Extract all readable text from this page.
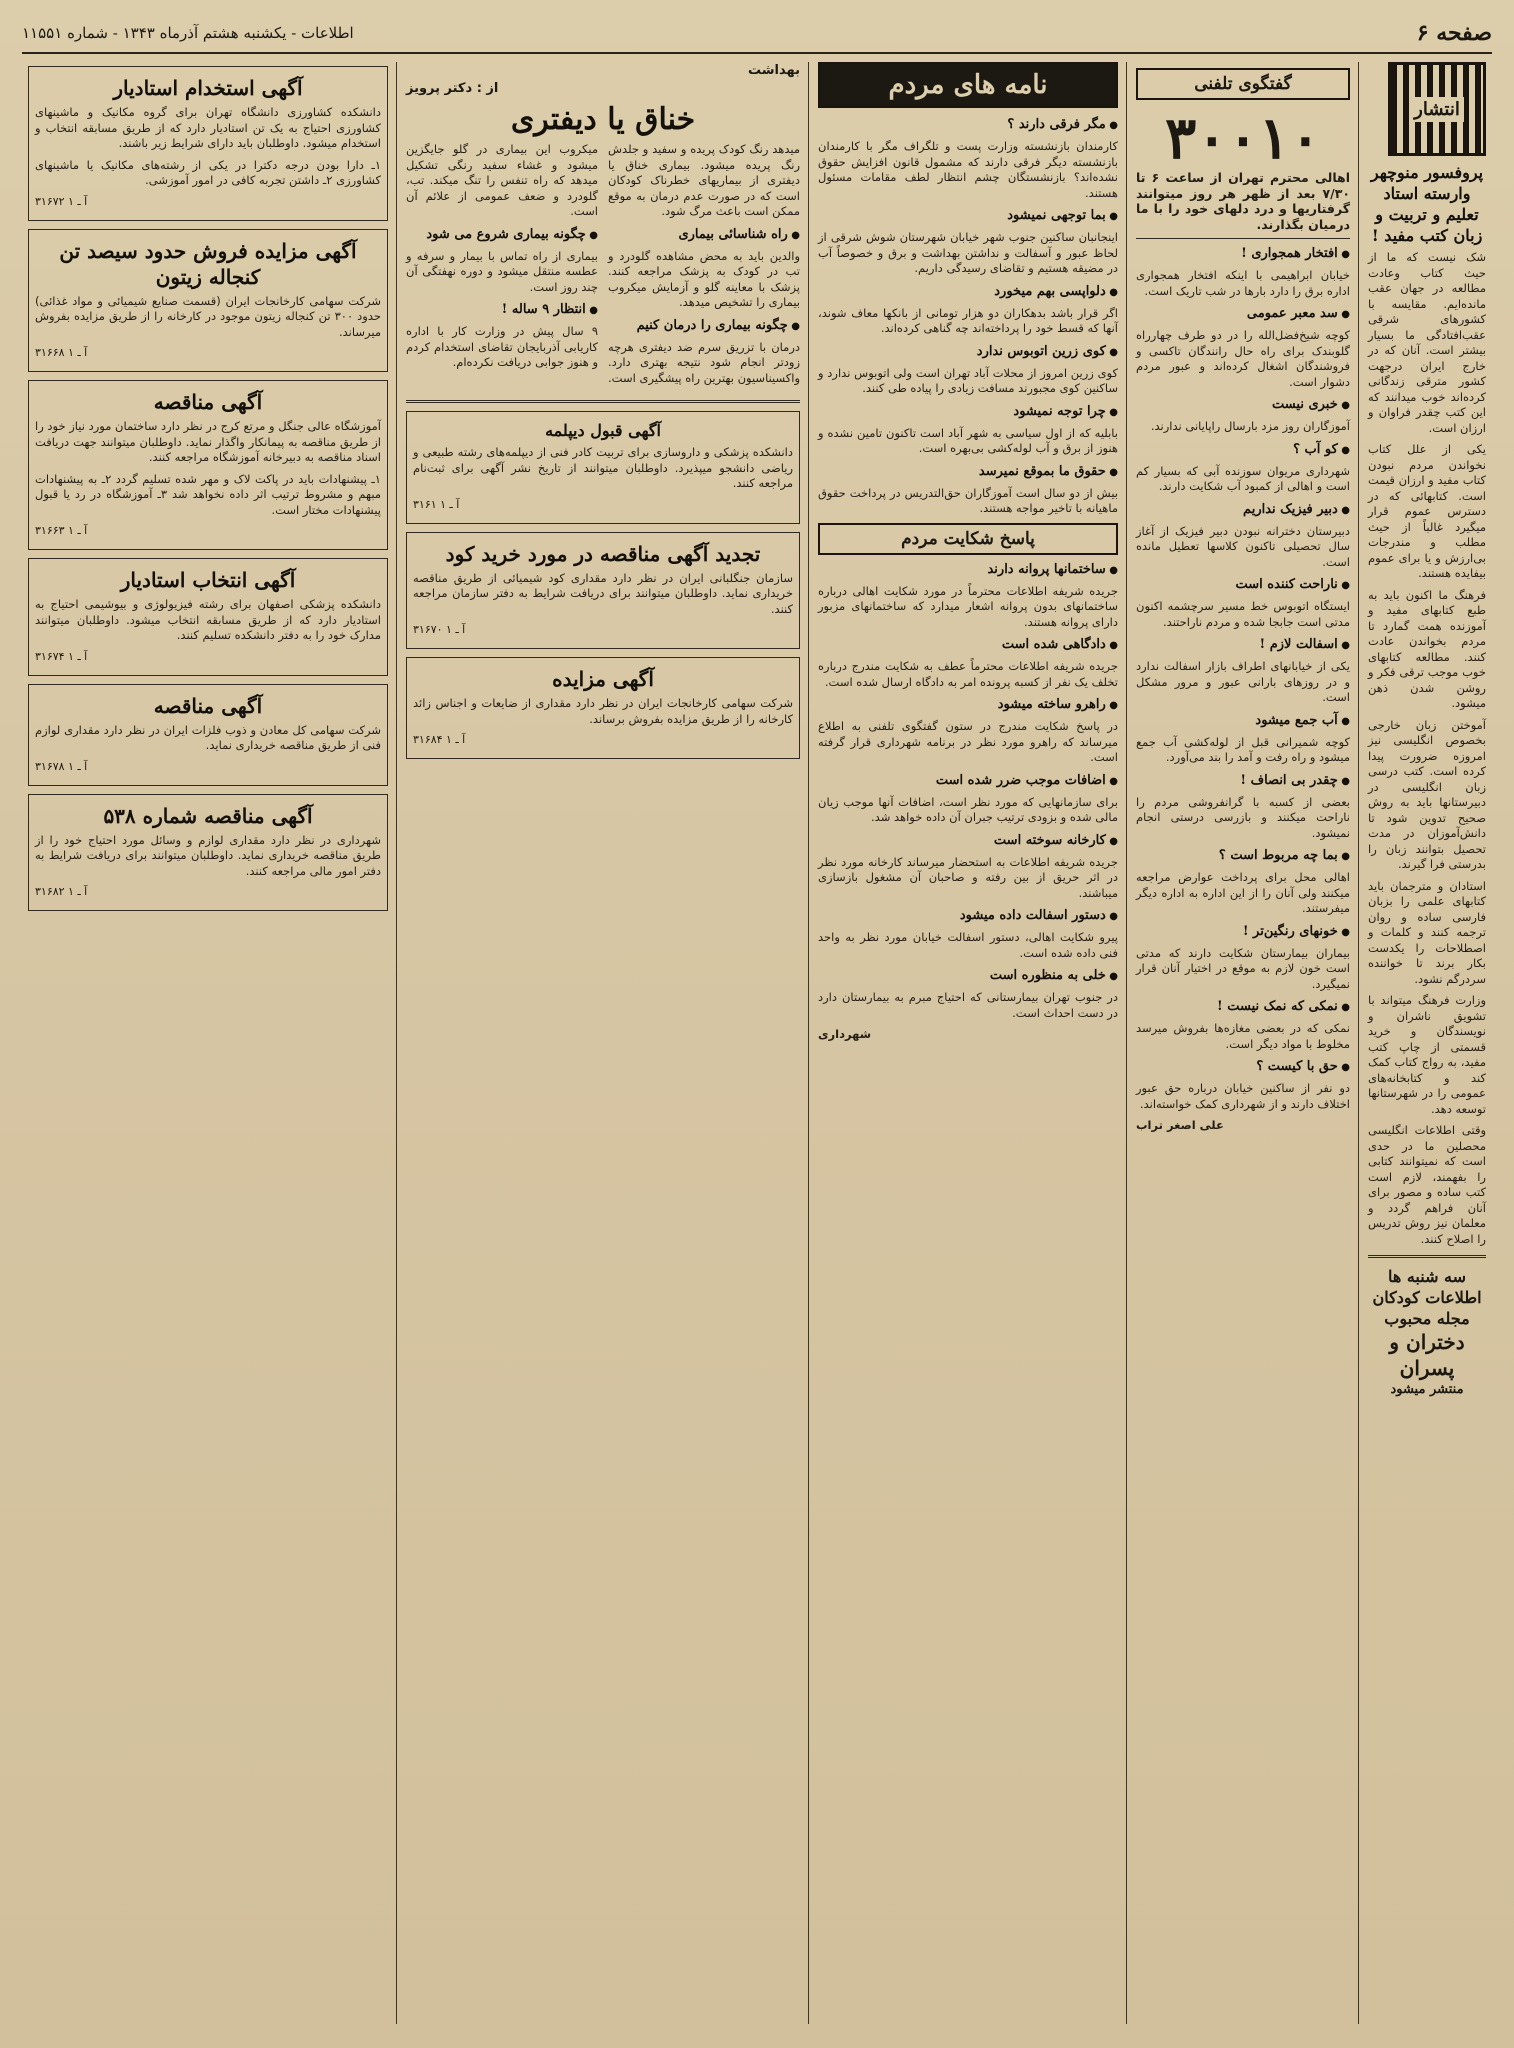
صفحه ۶
اطلاعات - یکشنبه هشتم آذرماه ۱۳۴۳ - شماره ۱۱۵۵۱
انتشار
پروفسور منوچهر وارسته استاد تعلیم و تربیت و زبان کتب مفید !

شک نیست که ما از حیث کتاب وعادت مطالعه در جهان عقب مانده‌ایم. مقایسه با کشورهای شرقی عقب‌افتادگی ما بسیار بیشتر است. آنان که در خارج ایران درجهت کشور مترقی زندگانی کرده‌اند خوب میدانند که این کتب چقدر فراوان و ارزان است.

یکی از علل کتاب نخواندن مردم نبودن کتاب مفید و ارزان قیمت است. کتابهائی که در دسترس عموم قرار میگیرد غالباً از حیث مطلب و مندرجات بی‌ارزش و یا برای عموم بیفایده هستند.

فرهنگ ما اکنون باید به طبع کتابهای مفید و آموزنده همت گمارد تا مردم بخواندن عادت کنند. مطالعه کتابهای خوب موجب ترقی فکر و روشن شدن ذهن میشود.

آموختن زبان خارجی بخصوص انگلیسی نیز امروزه ضرورت پیدا کرده است. کتب درسی زبان انگلیسی در دبیرستانها باید به روش صحیح تدوین شود تا دانش‌آموزان در مدت تحصیل بتوانند زبان را بدرستی فرا گیرند.

استادان و مترجمان باید کتابهای علمی را بزبان فارسی ساده و روان ترجمه کنند و کلمات و اصطلاحات را یکدست بکار برند تا خواننده سردرگم نشود.

وزارت فرهنگ میتواند با تشویق ناشران و نویسندگان و خرید قسمتی از چاپ کتب مفید، به رواج کتاب کمک کند و کتابخانه‌های عمومی را در شهرستانها توسعه دهد.

وقتی اطلاعات انگلیسی محصلین ما در حدی است که نمیتوانند کتابی را بفهمند، لازم است کتب ساده و مصور برای آنان فراهم گردد و معلمان نیز روش تدریس را اصلاح کنند.

سه شنبه ها
اطلاعات کودکان مجله محبوب
دختران و پسران
منتشر میشود
گفتگوی تلفنی

۳۰۰۱۰

اهالی محترم تهران از ساعت ۶ تا ۷/۳۰ بعد از ظهر هر روز میتوانند گرفتاریها و درد دلهای خود را با ما درمیان بگذارند.

● افتخار همجواری !

خیابان ابراهیمی با اینکه افتخار همجواری اداره برق را دارد بارها در شب تاریک است.

● سد معبر عمومی

کوچه شیخ‌فضل‌الله را در دو طرف چهارراه گلوبندک برای راه حال رانندگان تاکسی و فروشندگان اشغال کرده‌اند و عبور مردم دشوار است.

● خبری نیست

آموزگاران روز مزد بارسال راپایانی ندارند.

● کو آب ؟

شهرداری مریوان سوزنده آبی که بسیار کم است و اهالی از کمبود آب شکایت دارند.

● دبیر فیزیک نداریم

دبیرستان دخترانه نبودن دبیر فیزیک از آغاز سال تحصیلی تاکنون کلاسها تعطیل مانده است.

● ناراحت کننده است

ایستگاه اتوبوس خط مسیر سرچشمه اکنون مدتی است جابجا شده و مردم ناراحتند.

● اسفالت لازم !

یکی از خیابانهای اطراف بازار اسفالت ندارد و در روزهای بارانی عبور و مرور مشکل است.

● آب جمع میشود

کوچه شمیرانی قبل از لوله‌کشی آب جمع میشود و راه رفت و آمد را بند می‌آورد.

● چقدر بی انصاف !

بعضی از کسبه با گرانفروشی مردم را ناراحت میکنند و بازرسی درستی انجام نمیشود.

● بما چه مربوط است ؟

اهالی محل برای پرداخت عوارض مراجعه میکنند ولی آنان را از این اداره به اداره دیگر میفرستند.

● خونهای رنگین‌تر !

بیماران بیمارستان شکایت دارند که مدتی است خون لازم به موقع در اختیار آنان قرار نمیگیرد.

● نمکی که نمک نیست !

نمکی که در بعضی مغازه‌ها بفروش میرسد مخلوط با مواد دیگر است.

● حق با کیست ؟

دو نفر از ساکنین خیابان درباره حق عبور اختلاف دارند و از شهرداری کمک خواسته‌اند.

علی اصغر تراب

نامه های مردم
● مگر فرقی دارند ؟

کارمندان بازنشسته وزارت پست و تلگراف مگر با کارمندان بازنشسته دیگر فرقی دارند که مشمول قانون افزایش حقوق نشده‌اند؟ بازنشستگان چشم انتظار لطف مقامات مسئول هستند.

● بما توجهی نمیشود

اینجانبان ساکنین جنوب شهر خیابان شهرستان شوش شرقی از لحاظ عبور و آسفالت و نداشتن بهداشت و برق و خصوصاً آب در مضیقه هستیم و تقاضای رسیدگی داریم.

● دلواپسی بهم میخورد

اگر قرار باشد بدهکاران دو هزار تومانی از بانکها معاف شوند، آنها که قسط خود را پرداخته‌اند چه گناهی کرده‌اند.

● کوی زرین اتوبوس ندارد

کوی زرین امروز از محلات آباد تهران است ولی اتوبوس ندارد و ساکنین کوی مجبورند مسافت زیادی را پیاده طی کنند.

● چرا توجه نمیشود

بابلیه که از اول سیاسی به شهر آباد است تاکنون تامین نشده و هنوز از برق و آب لوله‌کشی بی‌بهره است.

● حقوق ما بموقع نمیرسد

بیش از دو سال است آموزگاران حق‌التدریس در پرداخت حقوق ماهیانه با تاخیر مواجه هستند.

پاسخ شکایت مردم
● ساختمانها پروانه دارند

جریده شریفه اطلاعات محترماً در مورد شکایت اهالی درباره ساختمانهای بدون پروانه اشعار میدارد که ساختمانهای مزبور دارای پروانه هستند.

● دادگاهی شده است

جریده شریفه اطلاعات محترماً عطف به شکایت مندرج درباره تخلف یک نفر از کسبه پرونده امر به دادگاه ارسال شده است.

● راهرو ساخته میشود

در پاسخ شکایت مندرج در ستون گفتگوی تلفنی به اطلاع میرساند که راهرو مورد نظر در برنامه شهرداری قرار گرفته است.

● اضافات موجب ضرر شده است

برای سازمانهایی که مورد نظر است، اضافات آنها موجب زیان مالی شده و بزودی ترتیب جبران آن داده خواهد شد.

● کارخانه سوخته است

جریده شریفه اطلاعات به استحضار میرساند کارخانه مورد نظر در اثر حریق از بین رفته و صاحبان آن مشغول بازسازی میباشند.

● دستور اسفالت داده میشود

پیرو شکایت اهالی، دستور اسفالت خیابان مورد نظر به واحد فنی داده شده است.

● خلی به منظوره است

در جنوب تهران بیمارستانی که احتیاج مبرم به بیمارستان دارد در دست احداث است.

شهرداری

بهداشت
از : دکتر پرویز
خناق یا دیفتری

میدهد رنگ کودک پریده و سفید و جلدش رنگ پریده میشود. بیماری خناق یا دیفتری از بیماریهای خطرناک کودکان است که در صورت عدم درمان به موقع ممکن است باعث مرگ شود.

● راه شناسائی بیماری

والدین باید به محض مشاهده گلودرد و تب در کودک به پزشک مراجعه کنند. پزشک با معاینه گلو و آزمایش میکروب بیماری را تشخیص میدهد.

● چگونه بیماری را درمان کنیم

درمان با تزریق سرم ضد دیفتری هرچه زودتر انجام شود نتیجه بهتری دارد. واکسیناسیون بهترین راه پیشگیری است.

میکروب این بیماری در گلو جایگزین میشود و غشاء سفید رنگی تشکیل میدهد که راه تنفس را تنگ میکند. تب، گلودرد و ضعف عمومی از علائم آن است.

● چگونه بیماری شروع می شود

بیماری از راه تماس با بیمار و سرفه و عطسه منتقل میشود و دوره نهفتگی آن چند روز است.

● انتظار ۹ ساله !

۹ سال پیش در وزارت کار با اداره کاریابی آذربایجان تقاضای استخدام کردم و هنوز جوابی دریافت نکرده‌ام.

آگهی قبول دیپلمه

دانشکده پزشکی و داروسازی برای تربیت کادر فنی از دیپلمه‌های رشته طبیعی و ریاضی دانشجو میپذیرد. داوطلبان میتوانند از تاریخ نشر آگهی برای ثبت‌نام مراجعه کنند.

۳۱۶۱ آ ـ ۱

تجدید آگهی مناقصه در مورد خرید کود

سازمان جنگلبانی ایران در نظر دارد مقداری کود شیمیائی از طریق مناقصه خریداری نماید. داوطلبان میتوانند برای دریافت شرایط به دفتر سازمان مراجعه کنند.

۳۱۶۷۰ آ ـ ۱

آگهی مزایده

شرکت سهامی کارخانجات ایران در نظر دارد مقداری از ضایعات و اجناس زائد کارخانه را از طریق مزایده بفروش برساند.

۳۱۶۸۴ آ ـ ۱

آگهی استخدام استادیار

دانشکده کشاورزی دانشگاه تهران برای گروه مکانیک و ماشینهای کشاورزی احتیاج به یک تن استادیار دارد که از طریق مسابقه انتخاب و استخدام میشود. داوطلبان باید دارای شرایط زیر باشند.

۱ـ دارا بودن درجه دکترا در یکی از رشته‌های مکانیک یا ماشینهای کشاورزی ۲ـ داشتن تجربه کافی در امور آموزشی.

۳۱۶۷۲ آ ـ ۱

آگهی مزایده فروش حدود سیصد تن کنجاله زیتون

شرکت سهامی کارخانجات ایران (قسمت صنایع شیمیائی و مواد غذائی) حدود ۳۰۰ تن کنجاله زیتون موجود در کارخانه را از طریق مزایده بفروش میرساند.

۳۱۶۶۸ آ ـ ۱

آگهی مناقصه

آموزشگاه عالی جنگل و مرتع کرج در نظر دارد ساختمان مورد نیاز خود را از طریق مناقصه به پیمانکار واگذار نماید. داوطلبان میتوانند جهت دریافت اسناد مناقصه به دبیرخانه آموزشگاه مراجعه کنند.

۱ـ پیشنهادات باید در پاکت لاک و مهر شده تسلیم گردد ۲ـ به پیشنهادات مبهم و مشروط ترتیب اثر داده نخواهد شد ۳ـ آموزشگاه در رد یا قبول پیشنهادات مختار است.

۳۱۶۶۳ آ ـ ۱

آگهی انتخاب استادیار

دانشکده پزشکی اصفهان برای رشته فیزیولوژی و بیوشیمی احتیاج به استادیار دارد که از طریق مسابقه انتخاب میشود. داوطلبان میتوانند مدارک خود را به دفتر دانشکده تسلیم کنند.

۳۱۶۷۴ آ ـ ۱

آگهی مناقصه

شرکت سهامی کل معادن و ذوب فلزات ایران در نظر دارد مقداری لوازم فنی از طریق مناقصه خریداری نماید.

۳۱۶۷۸ آ ـ ۱

آگهی مناقصه شماره ۵۳۸

شهرداری در نظر دارد مقداری لوازم و وسائل مورد احتیاج خود را از طریق مناقصه خریداری نماید. داوطلبان میتوانند برای دریافت شرایط به دفتر امور مالی مراجعه کنند.

۳۱۶۸۲ آ ـ ۱
